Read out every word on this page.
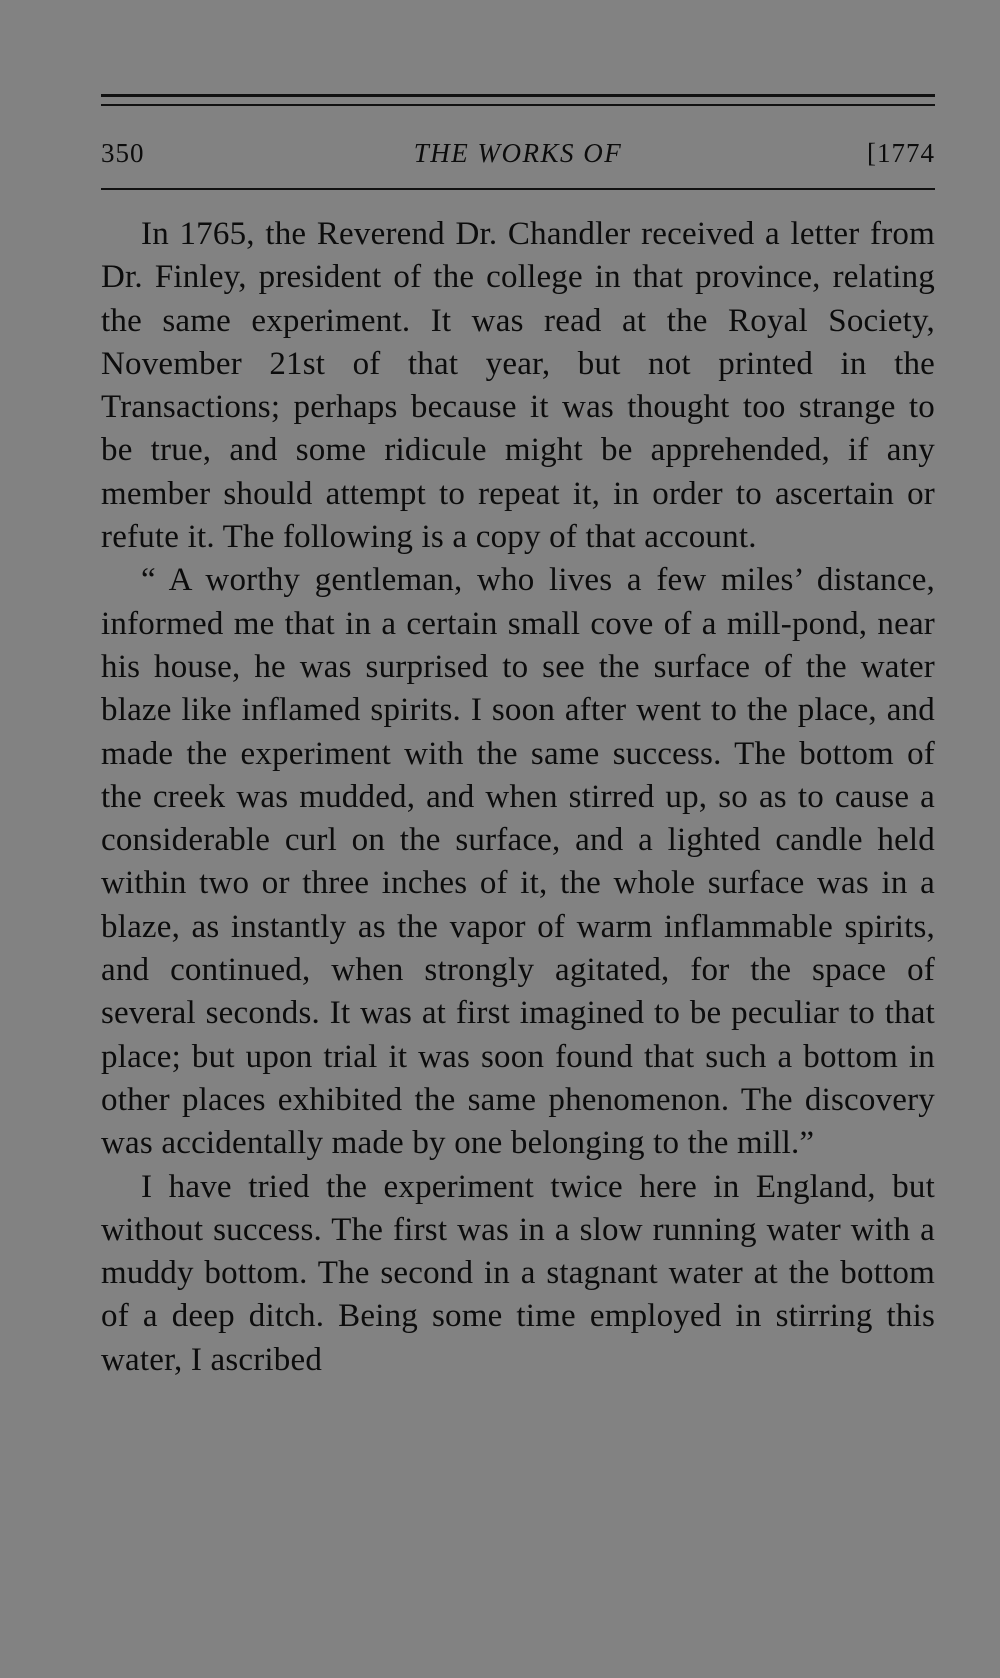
350	THE WORKS OF	[1774

In 1765, the Reverend Dr. Chandler received a letter from Dr. Finley, president of the college in that province, relating the same experiment. It was read at the Royal Society, November 21st of that year, but not printed in the Transactions; perhaps because it was thought too strange to be true, and some ridicule might be apprehended, if any member should attempt to repeat it, in order to ascertain or refute it. The following is a copy of that account.

“ A worthy gentleman, who lives a few miles’ distance, informed me that in a certain small cove of a mill-pond, near his house, he was surprised to see the surface of the water blaze like inflamed spirits. I soon after went to the place, and made the experiment with the same success. The bottom of the creek was mudded, and when stirred up, so as to cause a considerable curl on the surface, and a lighted candle held within two or three inches of it, the whole surface was in a blaze, as instantly as the vapor of warm inflammable spirits, and continued, when strongly agitated, for the space of several seconds. It was at first imagined to be peculiar to that place; but upon trial it was soon found that such a bottom in other places exhibited the same phenomenon. The discovery was accidentally made by one belonging to the mill.”

I have tried the experiment twice here in England, but without success. The first was in a slow running water with a muddy bottom. The second in a stagnant water at the bottom of a deep ditch. Being some time employed in stirring this water, I ascribed
